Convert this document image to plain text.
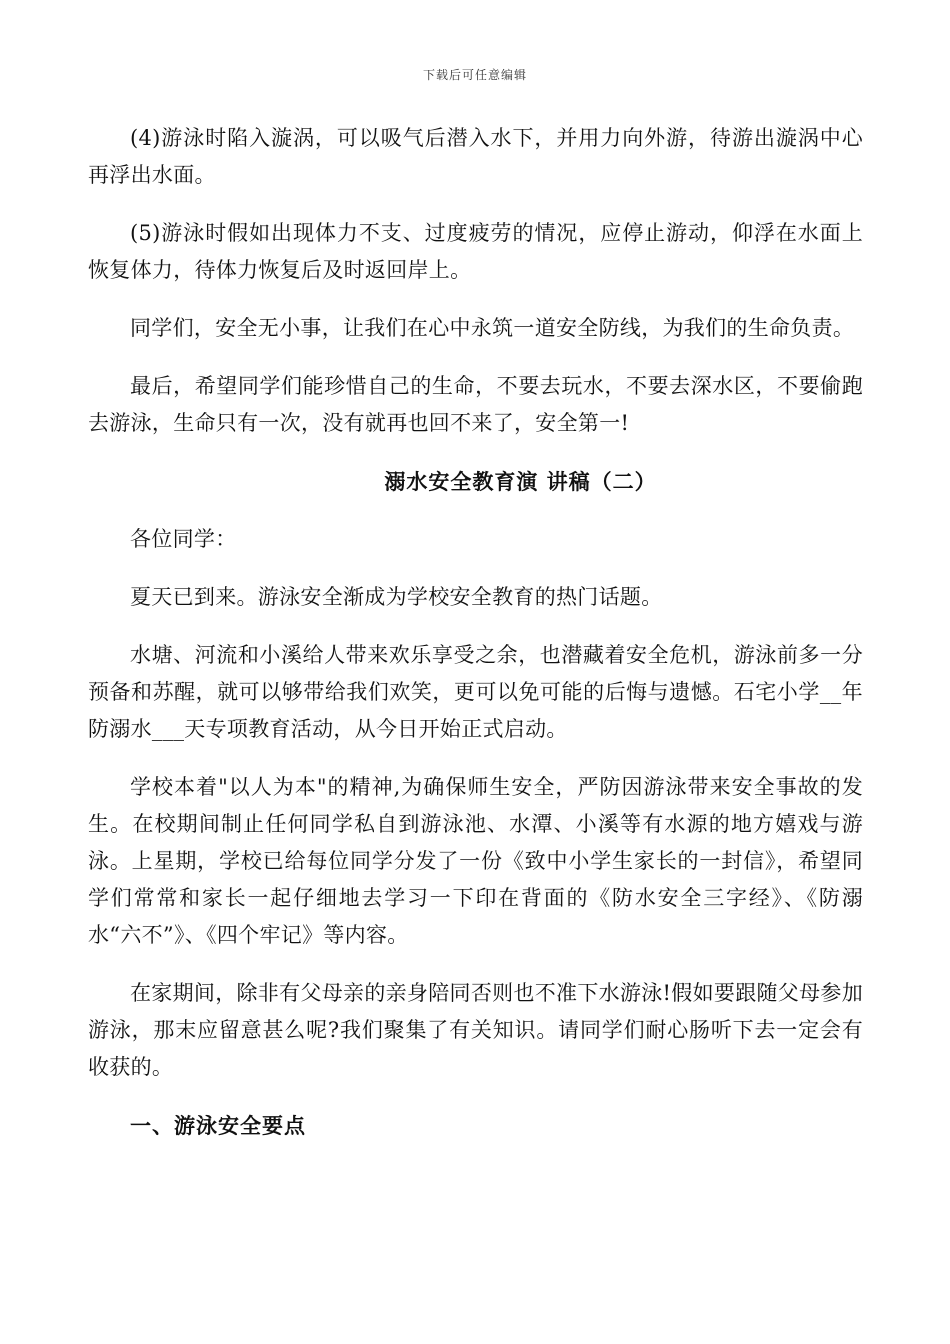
下载后可任意编辑

(4)游泳时陷入漩涡，可以吸气后潜入水下，并用力向外游，待游出漩涡中心再浮出水面。

(5)游泳时假如出现体力不支、过度疲劳的情况，应停止游动，仰浮在水面上恢复体力，待体力恢复后及时返回岸上。

同学们，安全无小事，让我们在心中永筑一道安全防线，为我们的生命负责。

最后，希望同学们能珍惜自己的生命，不要去玩水，不要去深水区，不要偷跑去游泳，生命只有一次，没有就再也回不来了，安全第一!

溺水安全教育演 讲稿（二）

各位同学：

夏天已到来。游泳安全渐成为学校安全教育的热门话题。

水塘、河流和小溪给人带来欢乐享受之余，也潜藏着安全危机，游泳前多一分预备和苏醒，就可以够带给我们欢笑，更可以免可能的后悔与遗憾。石宅小学__年防溺水___天专项教育活动，从今日开始正式启动。

学校本着"以人为本"的精神,为确保师生安全，严防因游泳带来安全事故的发生。在校期间制止任何同学私自到游泳池、水潭、小溪等有水源的地方嬉戏与游泳。上星期，学校已给每位同学分发了一份《致中小学生家长的一封信》，希望同学们常常和家长一起仔细地去学习一下印在背面的《防水安全三字经》、《防溺水“六不”》、《四个牢记》等内容。

在家期间，除非有父母亲的亲身陪同否则也不准下水游泳!假如要跟随父母参加游泳，那末应留意甚么呢?我们聚集了有关知识。请同学们耐心肠听下去一定会有收获的。

一、游泳安全要点
